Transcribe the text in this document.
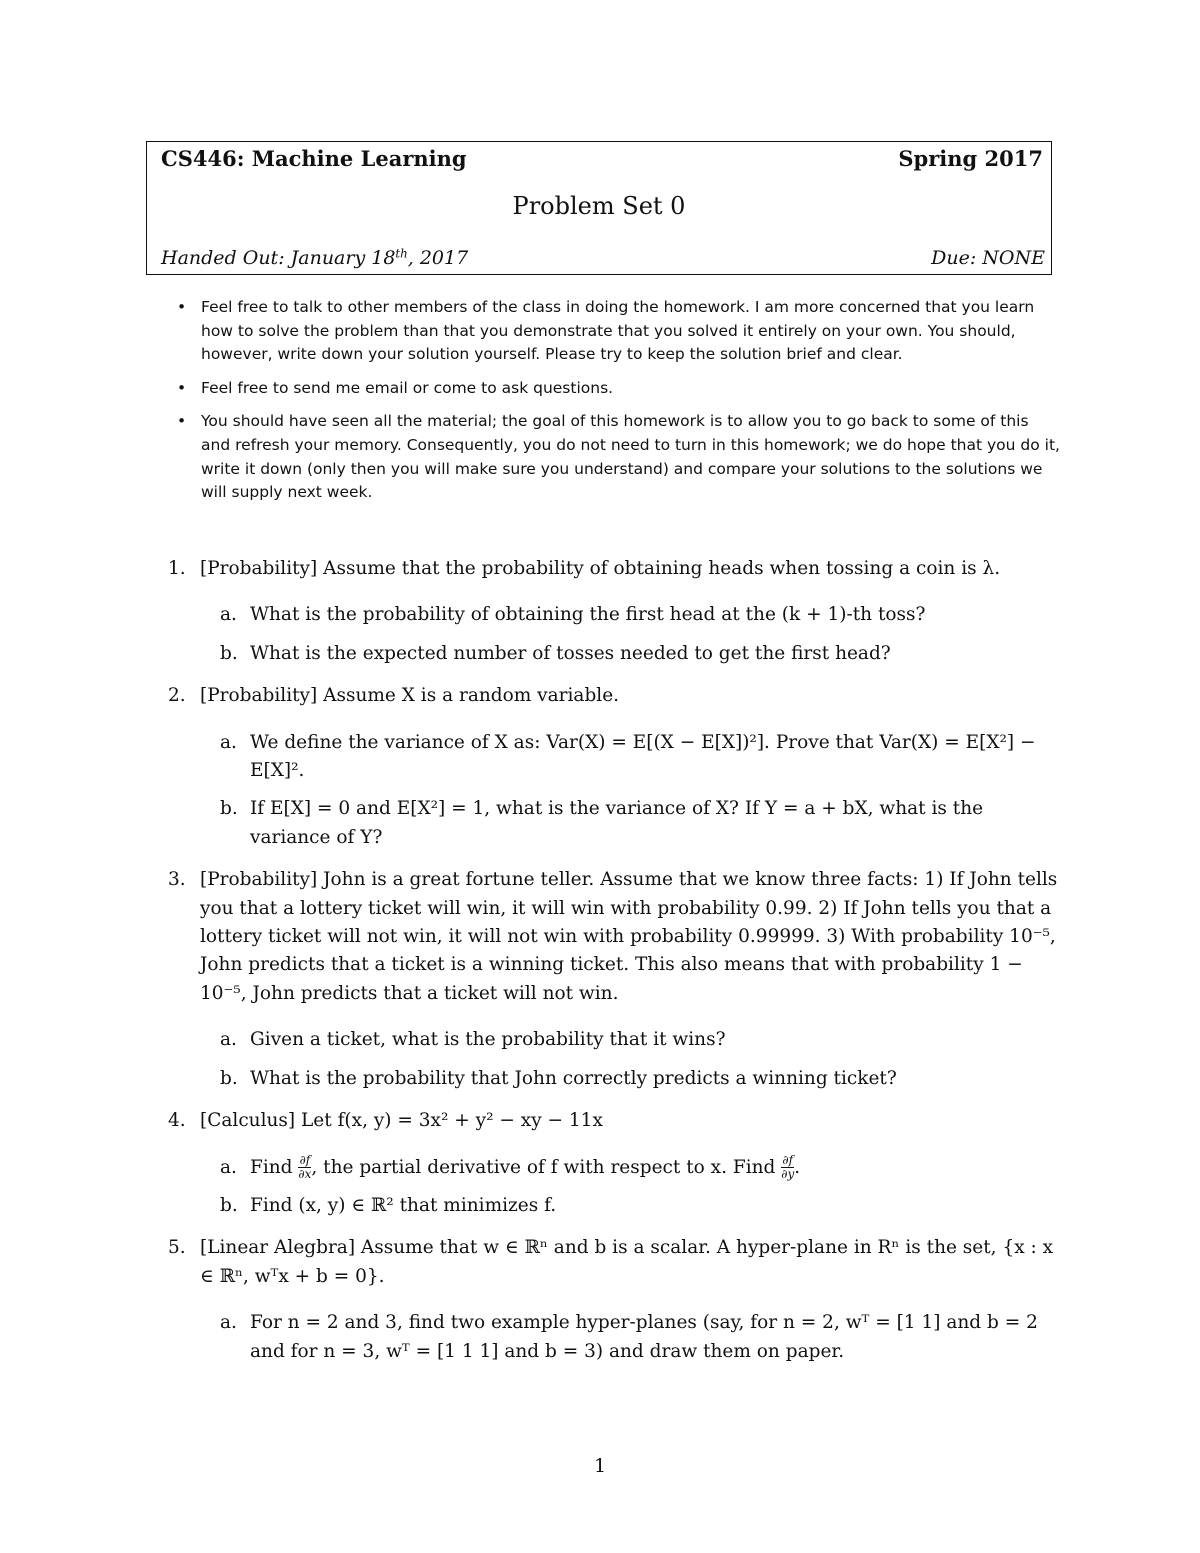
CS446: Machine Learning	Spring 2017
Problem Set 0
Handed Out: January 18th, 2017	Due: NONE
• Feel free to talk to other members of the class in doing the homework. I am more concerned that you learn how to solve the problem than that you demonstrate that you solved it entirely on your own. You should, however, write down your solution yourself. Please try to keep the solution brief and clear.
• Feel free to send me email or come to ask questions.
• You should have seen all the material; the goal of this homework is to allow you to go back to some of this and refresh your memory. Consequently, you do not need to turn in this homework; we do hope that you do it, write it down (only then you will make sure you understand) and compare your solutions to the solutions we will supply next week.
1. [Probability] Assume that the probability of obtaining heads when tossing a coin is λ.
a. What is the probability of obtaining the first head at the (k + 1)-th toss?
b. What is the expected number of tosses needed to get the first head?
2. [Probability] Assume X is a random variable.
a. We define the variance of X as: Var(X) = E[(X − E[X])²]. Prove that Var(X) = E[X²] − E[X]².
b. If E[X] = 0 and E[X²] = 1, what is the variance of X? If Y = a + bX, what is the variance of Y?
3. [Probability] John is a great fortune teller. Assume that we know three facts: 1) If John tells you that a lottery ticket will win, it will win with probability 0.99. 2) If John tells you that a lottery ticket will not win, it will not win with probability 0.99999. 3) With probability 10⁻⁵, John predicts that a ticket is a winning ticket. This also means that with probability 1 − 10⁻⁵, John predicts that a ticket will not win.
a. Given a ticket, what is the probability that it wins?
b. What is the probability that John correctly predicts a winning ticket?
4. [Calculus] Let f(x, y) = 3x² + y² − xy − 11x
a. Find $\frac{\partial f}{\partial x}$ , the partial derivative of f with respect to x. Find $\frac{\partial f}{\partial y}$ .
b. Find (x, y) ∈ ℝ² that minimizes f.
5. [Linear Alegbra] Assume that w ∈ ℝⁿ and b is a scalar. A hyper-plane in Rⁿ is the set, {x : x ∈ ℝⁿ, wᵀx + b = 0}.
a. For n = 2 and 3, find two example hyper-planes (say, for n = 2, wᵀ = [1 1] and b = 2 and for n = 3, wᵀ = [1 1 1] and b = 3) and draw them on paper.
1
